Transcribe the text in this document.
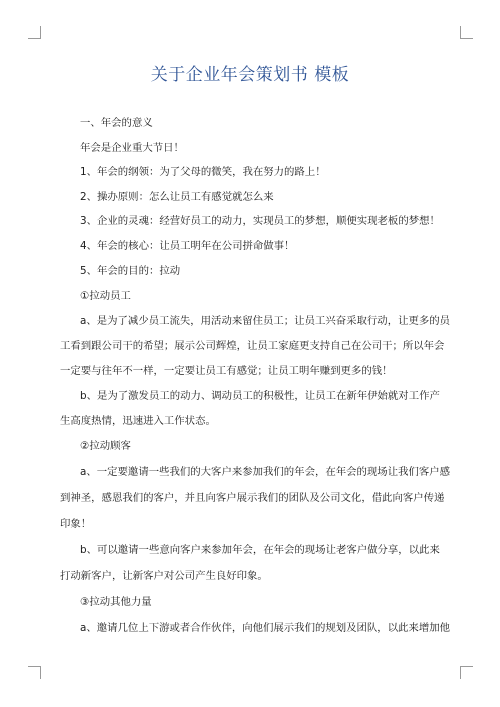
关于企业年会策划书 模板
一、年会的意义
年会是企业重大节日！
1、年会的纲领：为了父母的微笑，我在努力的路上！
2、操办原则：怎么让员工有感觉就怎么来
3、企业的灵魂：经营好员工的动力，实现员工的梦想，顺便实现老板的梦想！
4、年会的核心：让员工明年在公司拼命做事！
5、年会的目的：拉动
①拉动员工
a、是为了减少员工流失，用活动来留住员工；让员工兴奋采取行动，让更多的员
工看到跟公司干的希望；展示公司辉煌，让员工家庭更支持自己在公司干；所以年会
一定要与往年不一样，一定要让员工有感觉；让员工明年赚到更多的钱！
b、是为了激发员工的动力、调动员工的积极性，让员工在新年伊始就对工作产
生高度热情，迅速进入工作状态。
②拉动顾客
a、一定要邀请一些我们的大客户来参加我们的年会，在年会的现场让我们客户感
到神圣，感恩我们的客户，并且向客户展示我们的团队及公司文化，借此向客户传递
印象！
b、可以邀请一些意向客户来参加年会，在年会的现场让老客户做分享，以此来
打动新客户，让新客户对公司产生良好印象。
③拉动其他力量
a、邀请几位上下游或者合作伙伴，向他们展示我们的规划及团队，以此来增加他
